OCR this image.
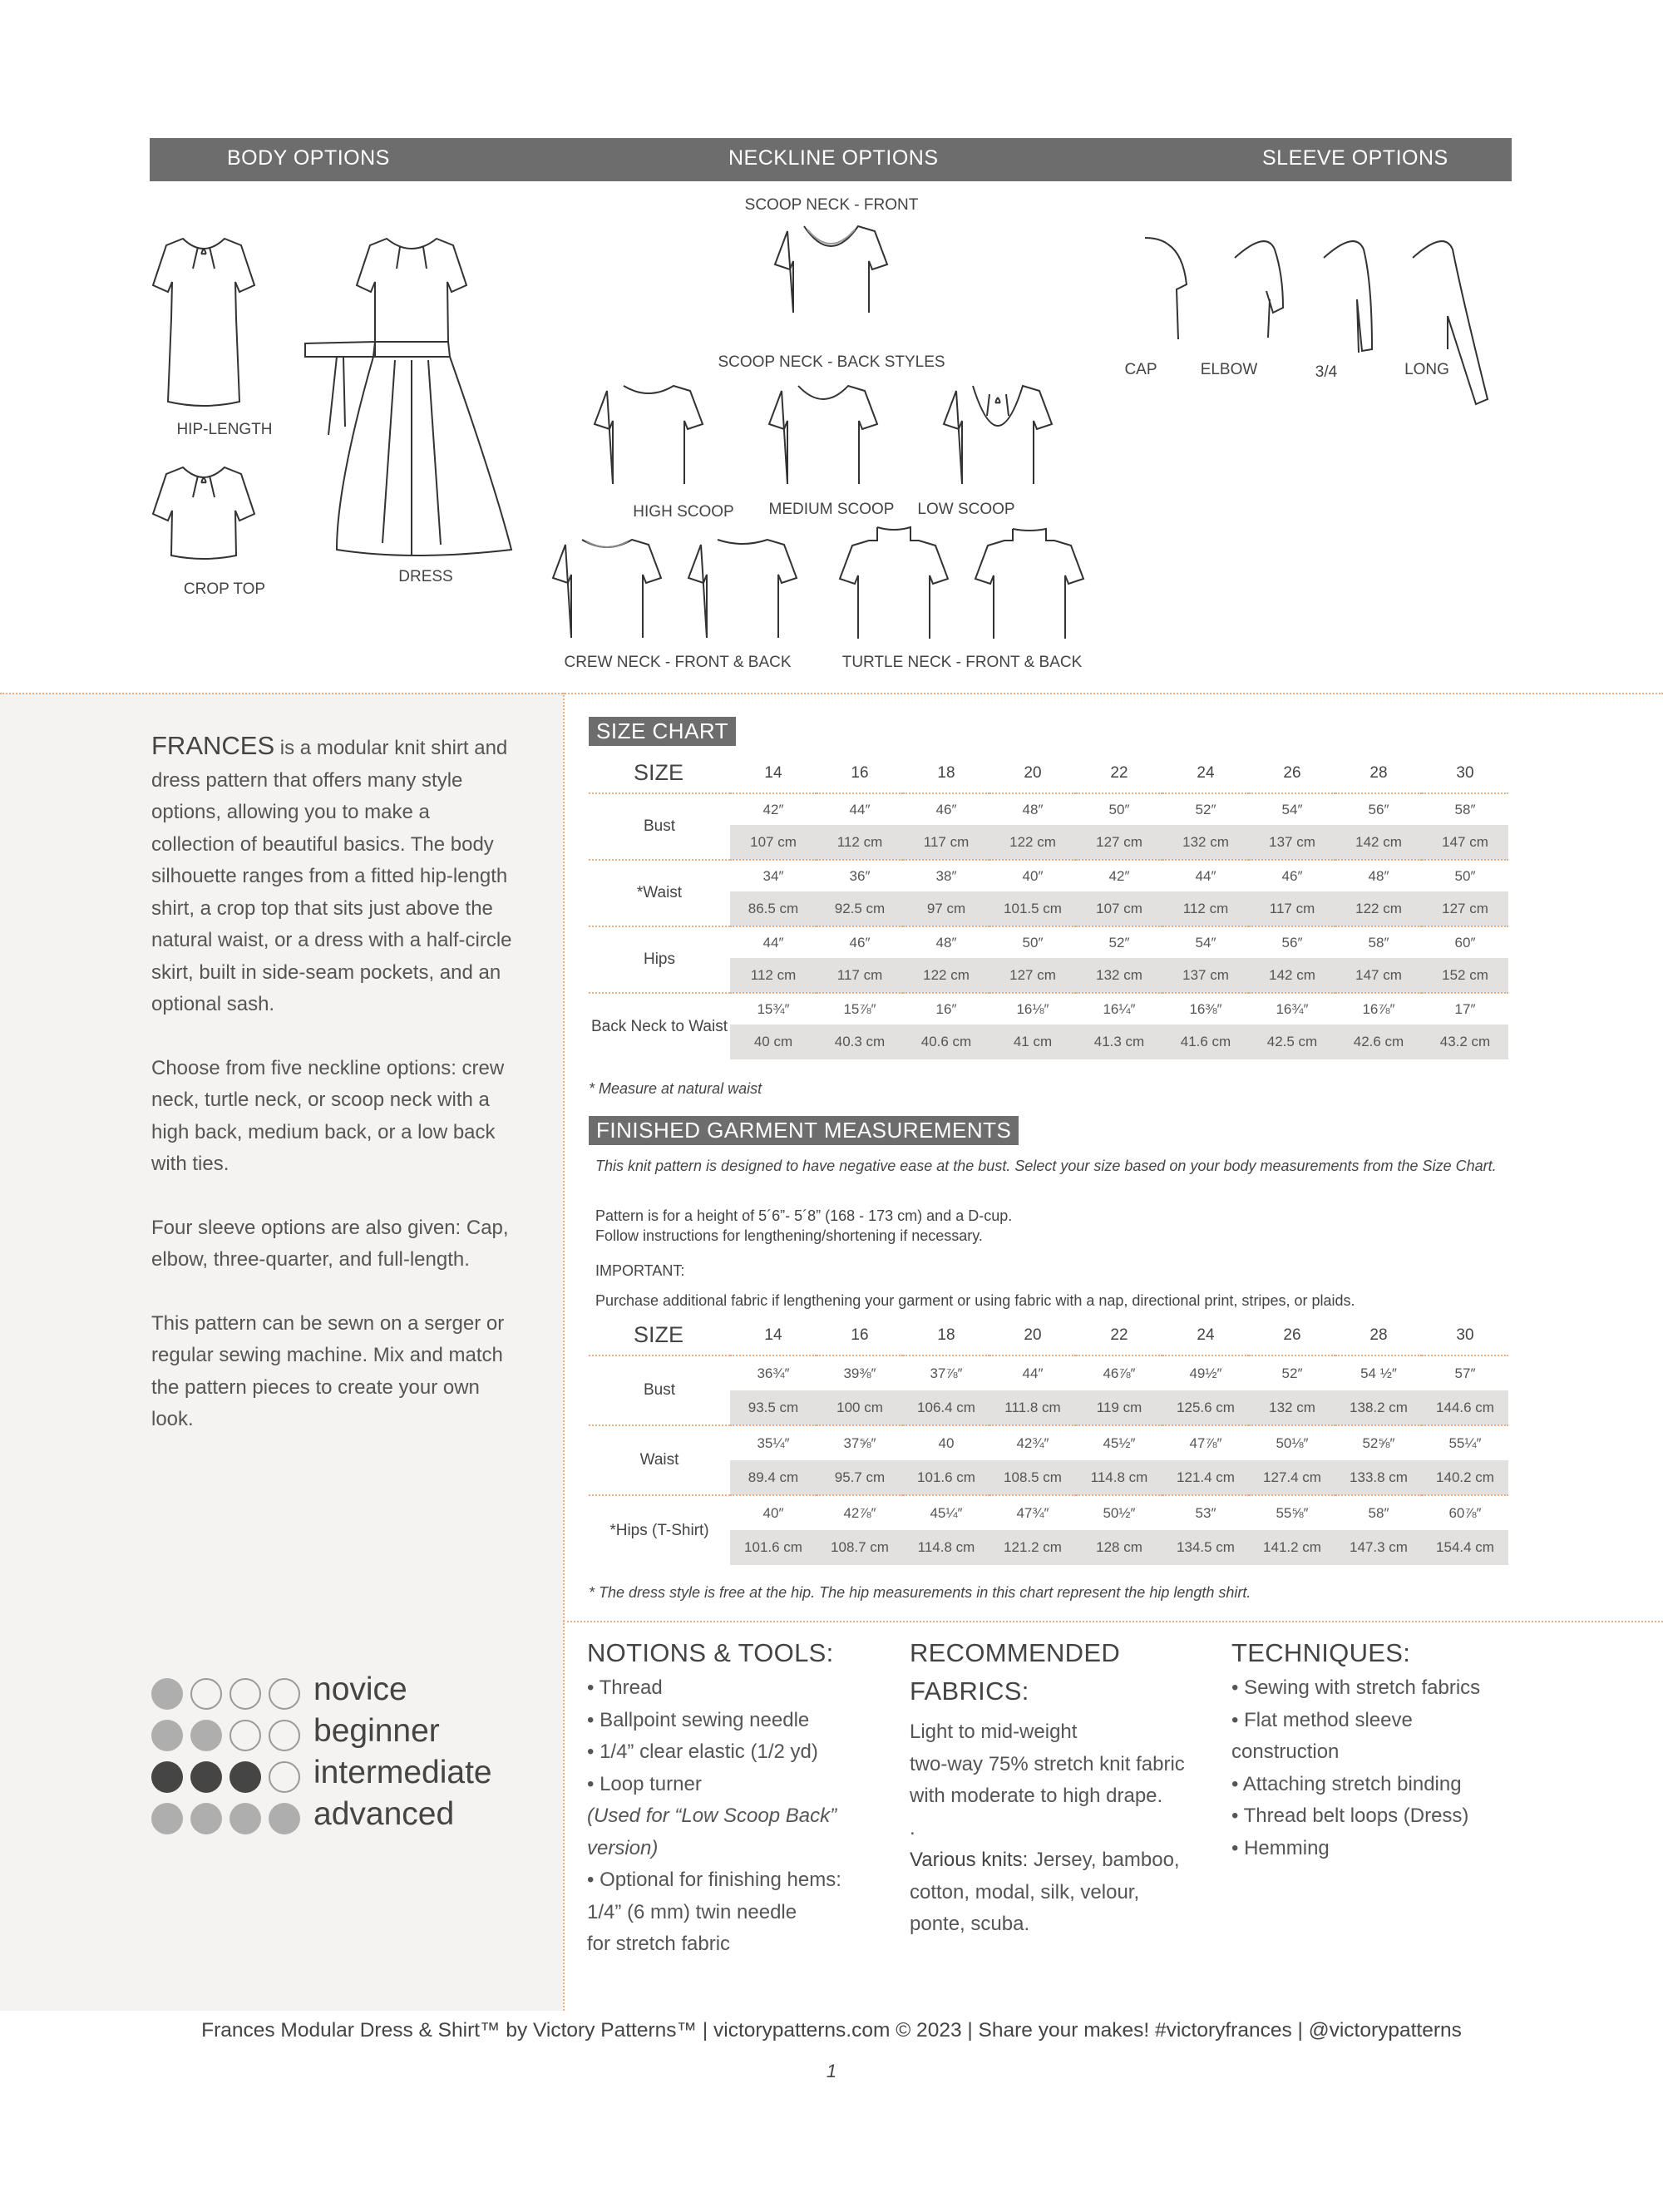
BODY OPTIONS	NECKLINE OPTIONS	SLEEVE OPTIONS
HIP-LENGTH
CROP TOP
DRESS
SCOOP NECK - FRONT
SCOOP NECK - BACK STYLES
HIGH SCOOP MEDIUM SCOOP LOW SCOOP
CREW NECK - FRONT & BACK	TURTLE NECK - FRONT & BACK
CAP	ELBOW	3/4	LONG

FRANCES is a modular knit shirt and dress pattern that offers many style options, allowing you to make a collection of beautiful basics. The body silhouette ranges from a fitted hip-length shirt, a crop top that sits just above the natural waist, or a dress with a half-circle skirt, built in side-seam pockets, and an optional sash.

Choose from five neckline options: crew neck, turtle neck, or scoop neck with a high back, medium back, or a low back with ties.

Four sleeve options are also given: Cap, elbow, three-quarter, and full-length.

This pattern can be sewn on a serger or regular sewing machine. Mix and match the pattern pieces to create your own look.

novice
beginner
intermediate
advanced
SIZE CHART
SIZE	14	16	18	20	22	24	26	28	30
Bust	42″	44″	46″	48″	50″	52″	54″	56″	58″
	107 cm	112 cm	117 cm	122 cm	127 cm	132 cm	137 cm	142 cm	147 cm
*Waist	34″	36″	38″	40″	42″	44″	46″	48″	50″
	86.5 cm	92.5 cm	97 cm	101.5 cm	107 cm	112 cm	117 cm	122 cm	127 cm
Hips	44″	46″	48″	50″	52″	54″	56″	58″	60″
	112 cm	117 cm	122 cm	127 cm	132 cm	137 cm	142 cm	147 cm	152 cm
Back Neck to Waist	15¾″	15⅞″	16″	16⅛″	16¼″	16⅜″	16¾″	16⅞″	17″
	40 cm	40.3 cm	40.6 cm	41 cm	41.3 cm	41.6 cm	42.5 cm	42.6 cm	43.2 cm
* Measure at natural waist
FINISHED GARMENT MEASUREMENTS
This knit pattern is designed to have negative ease at the bust. Select your size based on your body measurements from the Size Chart.
Pattern is for a height of 5´6”- 5´8” (168 - 173 cm) and a D-cup.
Follow instructions for lengthening/shortening if necessary.
IMPORTANT:
Purchase additional fabric if lengthening your garment or using fabric with a nap, directional print, stripes, or plaids.
SIZE	14	16	18	20	22	24	26	28	30
Bust	36¾″	39⅜″	37⅞″	44″	46⅞″	49½″	52″	54 ½″	57″
	93.5 cm	100 cm	106.4 cm	111.8 cm	119 cm	125.6 cm	132 cm	138.2 cm	144.6 cm
Waist	35¼″	37⅝″	40	42¾″	45½″	47⅞″	50⅛″	52⅝″	55¼″
	89.4 cm	95.7 cm	101.6 cm	108.5 cm	114.8 cm	121.4 cm	127.4 cm	133.8 cm	140.2 cm
*Hips (T-Shirt)	40″	42⅞″	45¼″	47¾″	50½″	53″	55⅝″	58″	60⅞″
	101.6 cm	108.7 cm	114.8 cm	121.2 cm	128 cm	134.5 cm	141.2 cm	147.3 cm	154.4 cm
* The dress style is free at the hip. The hip measurements in this chart represent the hip length shirt.
NOTIONS & TOOLS:
• Thread
• Ballpoint sewing needle
• 1/4” clear elastic (1/2 yd)
• Loop turner
(Used for “Low Scoop Back”
version)
• Optional for finishing hems:
1/4” (6 mm) twin needle
for stretch fabric
RECOMMENDED
FABRICS:
Light to mid-weight
two-way 75% stretch knit fabric
with moderate to high drape.
.
Various knits: Jersey, bamboo,
cotton, modal, silk, velour,
ponte, scuba.
TECHNIQUES:
• Sewing with stretch fabrics
• Flat method sleeve
construction
• Attaching stretch binding
• Thread belt loops (Dress)
• Hemming
Frances Modular Dress & Shirt™ by Victory Patterns™ | victorypatterns.com © 2023 | Share your makes! #victoryfrances | @victorypatterns
1
